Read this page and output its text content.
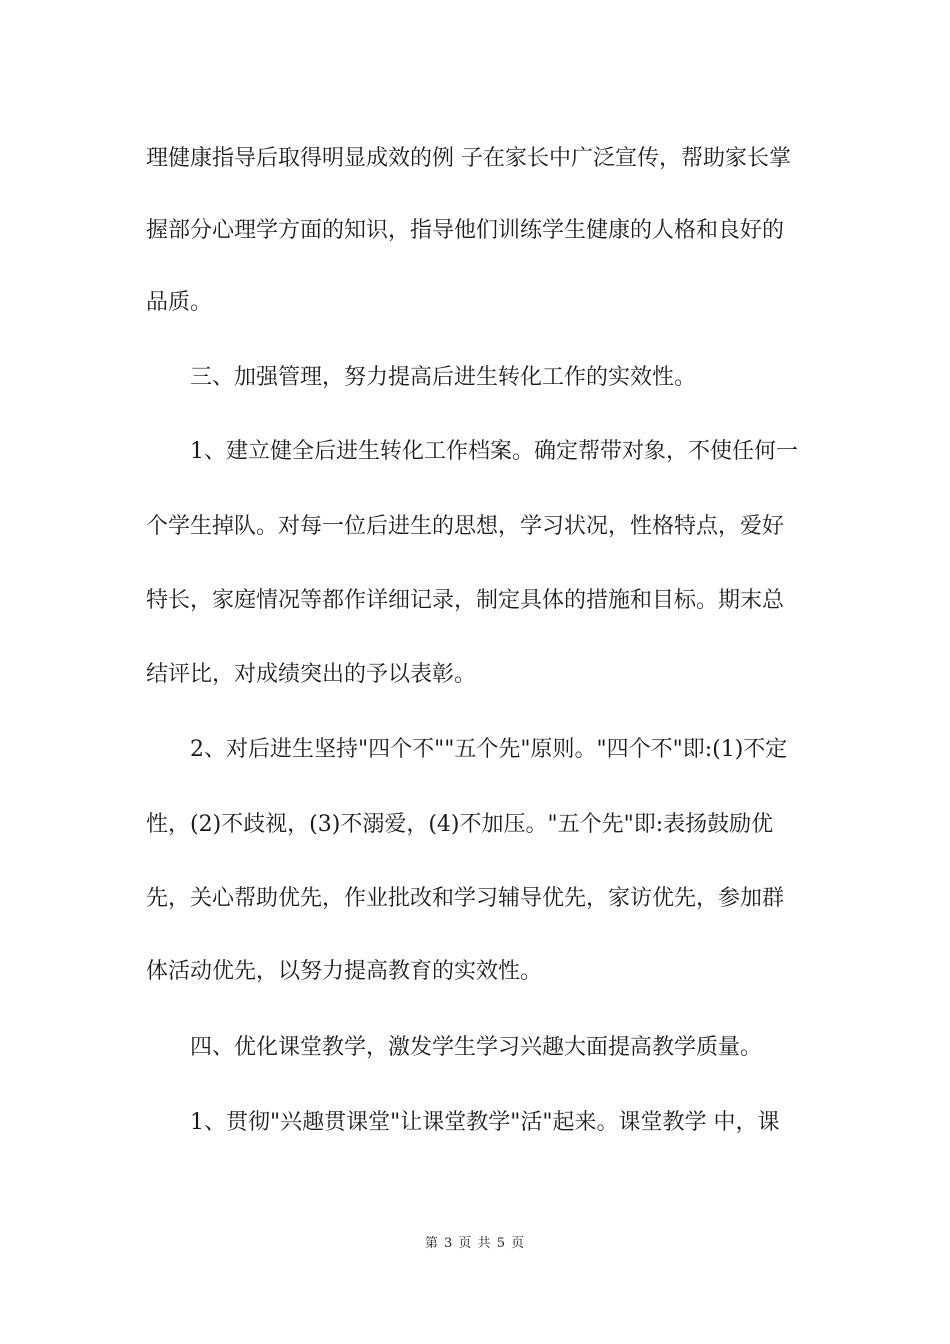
理健康指导后取得明显成效的例 子在家长中广泛宣传，帮助家长掌
握部分心理学方面的知识，指导他们训练学生健康的人格和良好的
品质。
三、加强管理，努力提高后进生转化工作的实效性。
1、建立健全后进生转化工作档案。确定帮带对象，不使任何一
个学生掉队。对每一位后进生的思想，学习状况，性格特点，爱好
特长，家庭情况等都作详细记录，制定具体的措施和目标。期末总
结评比，对成绩突出的予以表彰。
2、对后进生坚持"四个不""五个先"原则。"四个不"即:(1)不定
性，(2)不歧视，(3)不溺爱，(4)不加压。"五个先"即:表扬鼓励优
先，关心帮助优先，作业批改和学习辅导优先，家访优先，参加群
体活动优先，以努力提高教育的实效性。
四、优化课堂教学，激发学生学习兴趣大面提高教学质量。
1、贯彻"兴趣贯课堂"让课堂教学"活"起来。课堂教学 中，课
第 3 页 共 5 页
